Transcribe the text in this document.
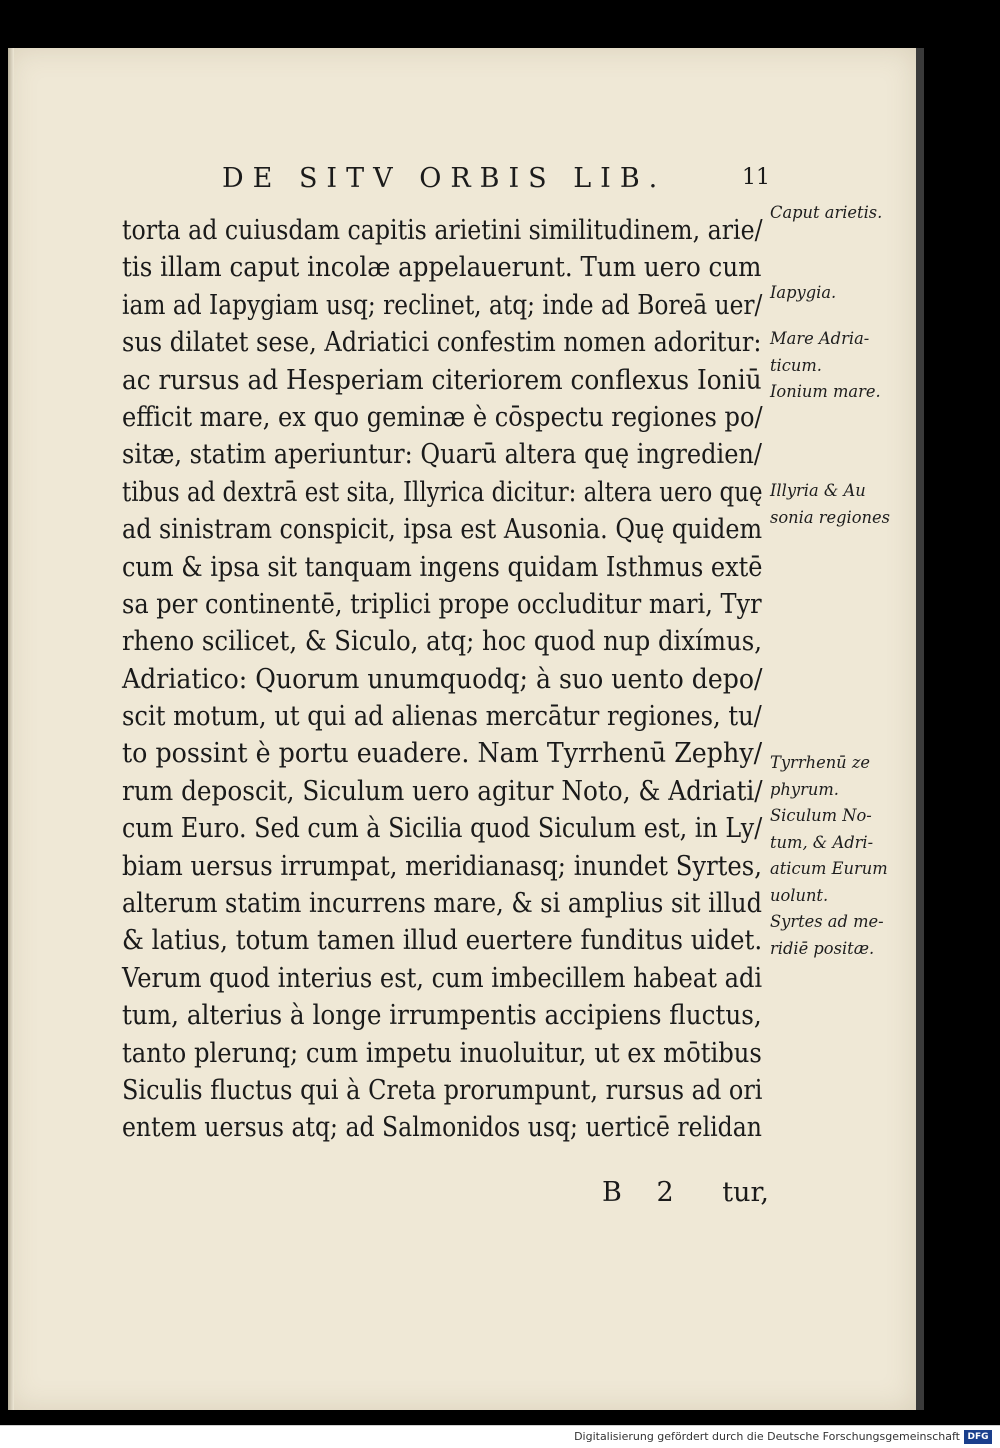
DE SITV ORBIS LIB.	11
torta ad cuiusdam capitis arietini similitudinem, arie/
tis illam caput incolæ appelauerunt. Tum uero cum
iam ad Iapygiam usq; reclinet, atq; inde ad Boreā uer/
sus dilatet sese, Adriatici confestim nomen adoritur:
ac rursus ad Hesperiam citeriorem conflexus Ioniū
efficit mare, ex quo geminæ è cōspectu regiones po/
sitæ, statim aperiuntur: Quarū altera quę ingredien/
tibus ad dextrā est sita, Illyrica dicitur: altera uero quę
ad sinistram conspicit, ipsa est Ausonia. Quę quidem
cum & ipsa sit tanquam ingens quidam Isthmus extē
sa per continentē, triplici prope occluditur mari, Tyr
rheno scilicet, & Siculo, atq; hoc quod nup dixímus,
Adriatico: Quorum unumquodq; à suo uento depo/
scit motum, ut qui ad alienas mercātur regiones, tu/
to possint è portu euadere. Nam Tyrrhenū Zephy/
rum deposcit, Siculum uero agitur Noto, & Adriati/
cum Euro. Sed cum à Sicilia quod Siculum est, in Ly/
biam uersus irrumpat, meridianasq; inundet Syrtes,
alterum statim incurrens mare, & si amplius sit illud
& latius, totum tamen illud euertere funditus uidet.
Verum quod interius est, cum imbecillem habeat adi
tum, alterius à longe irrumpentis accipiens fluctus,
tanto plerunq; cum impetu inuoluitur, ut ex mōtibus
Siculis fluctus qui à Creta prorumpunt, rursus ad ori
entem uersus atq; ad Salmonidos usq; uerticē relidan
B 2 tur,
Caput arietis.
Iapygia.
Mare Adria-
ticum.
Ionium mare.
Illyria & Au
sonia regiones
Tyrrhenū ze
phyrum.
Siculum No-
tum, & Adri-
aticum Eurum
uolunt.
Syrtes ad me-
ridiē positæ.
Digitalisierung gefördert durch die Deutsche Forschungsgemeinschaft DFG
